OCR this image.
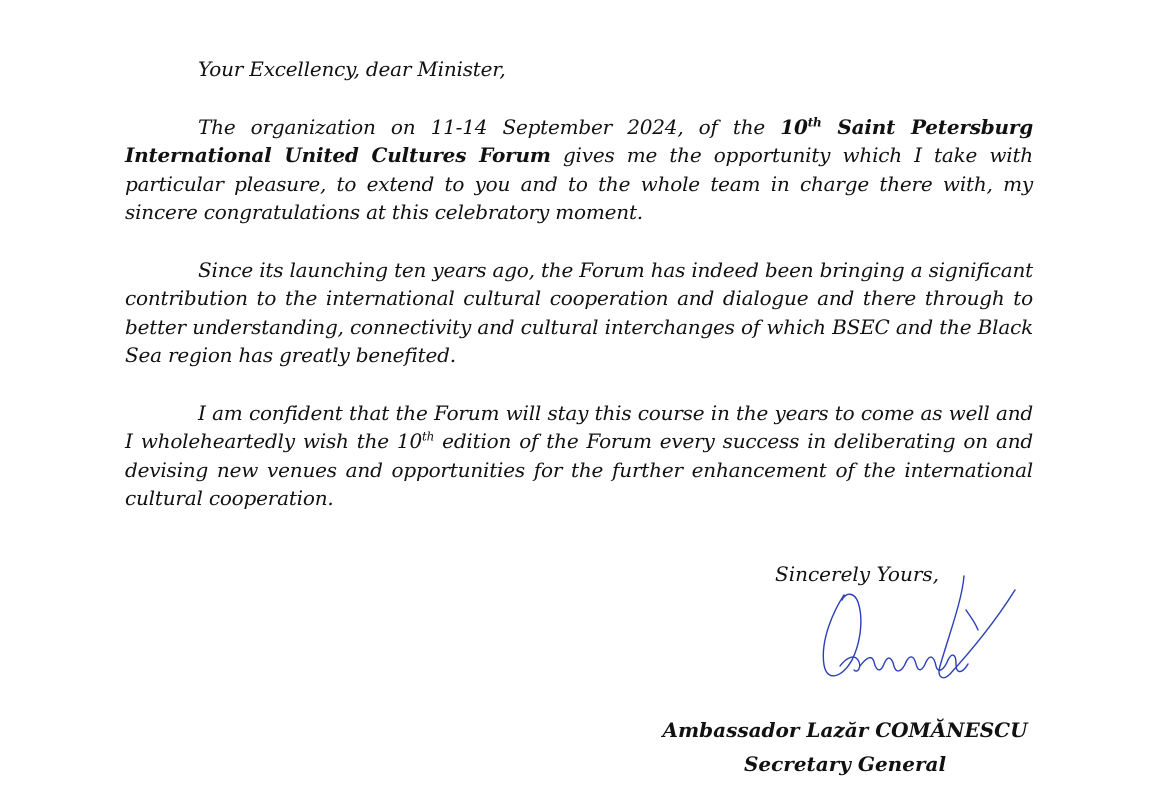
Your Excellency, dear Minister,

The organization on 11-14 September 2024, of the 10th Saint Petersburg International United Cultures Forum gives me the opportunity which I take with particular pleasure, to extend to you and to the whole team in charge there with, my sincere congratulations at this celebratory moment.

Since its launching ten years ago, the Forum has indeed been bringing a significant contribution to the international cultural cooperation and dialogue and there through to better understanding, connectivity and cultural interchanges of which BSEC and the Black Sea region has greatly benefited.

I am confident that the Forum will stay this course in the years to come as well and I wholeheartedly wish the 10th edition of the Forum every success in deliberating on and devising new venues and opportunities for the further enhancement of the international cultural cooperation.

Sincerely Yours,
Ambassador Lazăr COMĂNESCU
Secretary General
